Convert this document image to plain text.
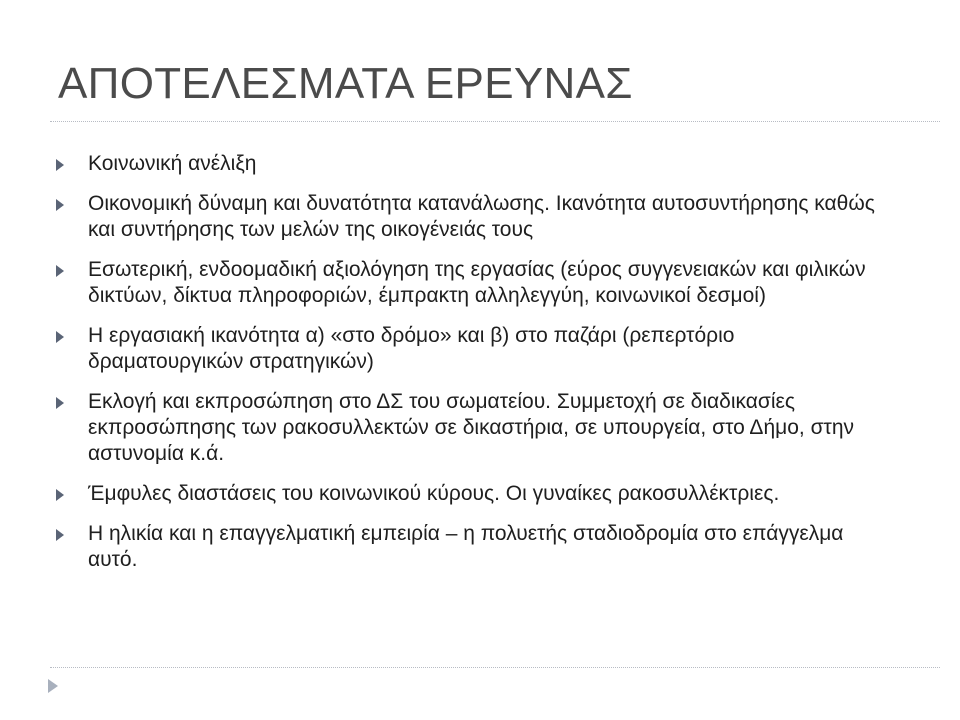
ΑΠΟΤΕΛΕΣΜΑΤΑ ΕΡΕΥΝΑΣ
Κοινωνική ανέλιξη
Οικονομική δύναμη και δυνατότητα κατανάλωσης. Ικανότητα αυτοσυντήρησης καθώς και συντήρησης των μελών της οικογένειάς τους
Εσωτερική, ενδοομαδική αξιολόγηση της εργασίας (εύρος συγγενειακών και φιλικών δικτύων, δίκτυα πληροφοριών, έμπρακτη αλληλεγγύη, κοινωνικοί δεσμοί)
Η εργασιακή ικανότητα α) «στο δρόμο» και β) στο παζάρι (ρεπερτόριο δραματουργικών στρατηγικών)
Εκλογή και εκπροσώπηση στο ΔΣ του σωματείου. Συμμετοχή σε διαδικασίες εκπροσώπησης των ρακοσυλλεκτών σε δικαστήρια, σε υπουργεία, στο Δήμο, στην αστυνομία κ.ά.
Έμφυλες διαστάσεις του κοινωνικού κύρους. Οι γυναίκες ρακοσυλλέκτριες.
Η ηλικία και η επαγγελματική εμπειρία – η πολυετής σταδιοδρομία στο επάγγελμα αυτό.
